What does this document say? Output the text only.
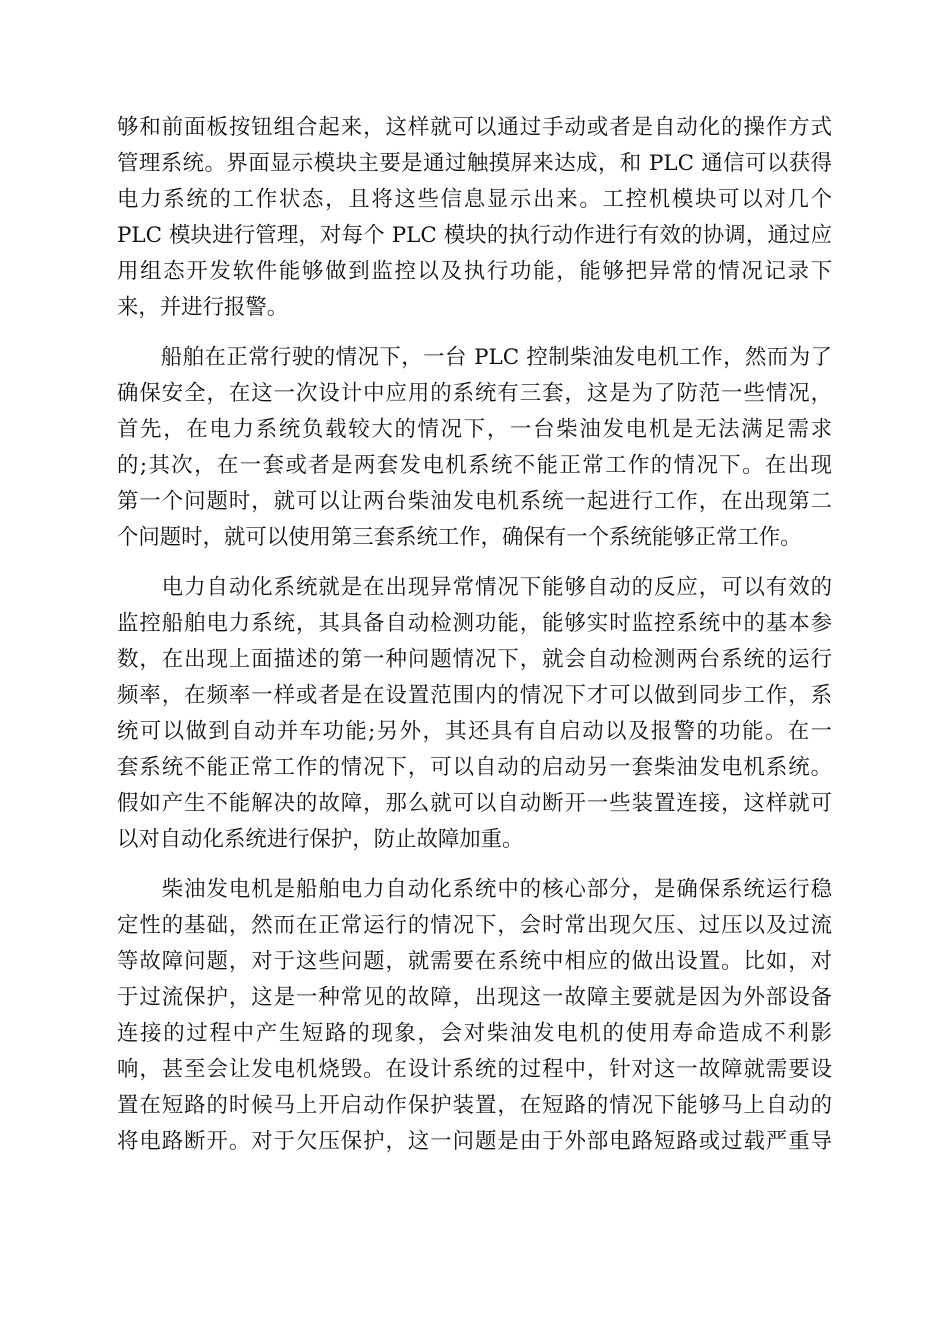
够和前面板按钮组合起来，这样就可以通过手动或者是自动化的操作方式
管理系统。界面显示模块主要是通过触摸屏来达成，和 PLC 通信可以获得
电力系统的工作状态，且将这些信息显示出来。工控机模块可以对几个
PLC 模块进行管理，对每个 PLC 模块的执行动作进行有效的协调，通过应
用组态开发软件能够做到监控以及执行功能，能够把异常的情况记录下
来，并进行报警。
　　船舶在正常行驶的情况下，一台 PLC 控制柴油发电机工作，然而为了
确保安全，在这一次设计中应用的系统有三套，这是为了防范一些情况，
首先，在电力系统负载较大的情况下，一台柴油发电机是无法满足需求
的;其次，在一套或者是两套发电机系统不能正常工作的情况下。在出现
第一个问题时，就可以让两台柴油发电机系统一起进行工作，在出现第二
个问题时，就可以使用第三套系统工作，确保有一个系统能够正常工作。
　　电力自动化系统就是在出现异常情况下能够自动的反应，可以有效的
监控船舶电力系统，其具备自动检测功能，能够实时监控系统中的基本参
数，在出现上面描述的第一种问题情况下，就会自动检测两台系统的运行
频率，在频率一样或者是在设置范围内的情况下才可以做到同步工作，系
统可以做到自动并车功能;另外，其还具有自启动以及报警的功能。在一
套系统不能正常工作的情况下，可以自动的启动另一套柴油发电机系统。
假如产生不能解决的故障，那么就可以自动断开一些装置连接，这样就可
以对自动化系统进行保护，防止故障加重。
　　柴油发电机是船舶电力自动化系统中的核心部分，是确保系统运行稳
定性的基础，然而在正常运行的情况下，会时常出现欠压、过压以及过流
等故障问题，对于这些问题，就需要在系统中相应的做出设置。比如，对
于过流保护，这是一种常见的故障，出现这一故障主要就是因为外部设备
连接的过程中产生短路的现象，会对柴油发电机的使用寿命造成不利影
响，甚至会让发电机烧毁。在设计系统的过程中，针对这一故障就需要设
置在短路的时候马上开启动作保护装置，在短路的情况下能够马上自动的
将电路断开。对于欠压保护，这一问题是由于外部电路短路或过载严重导
